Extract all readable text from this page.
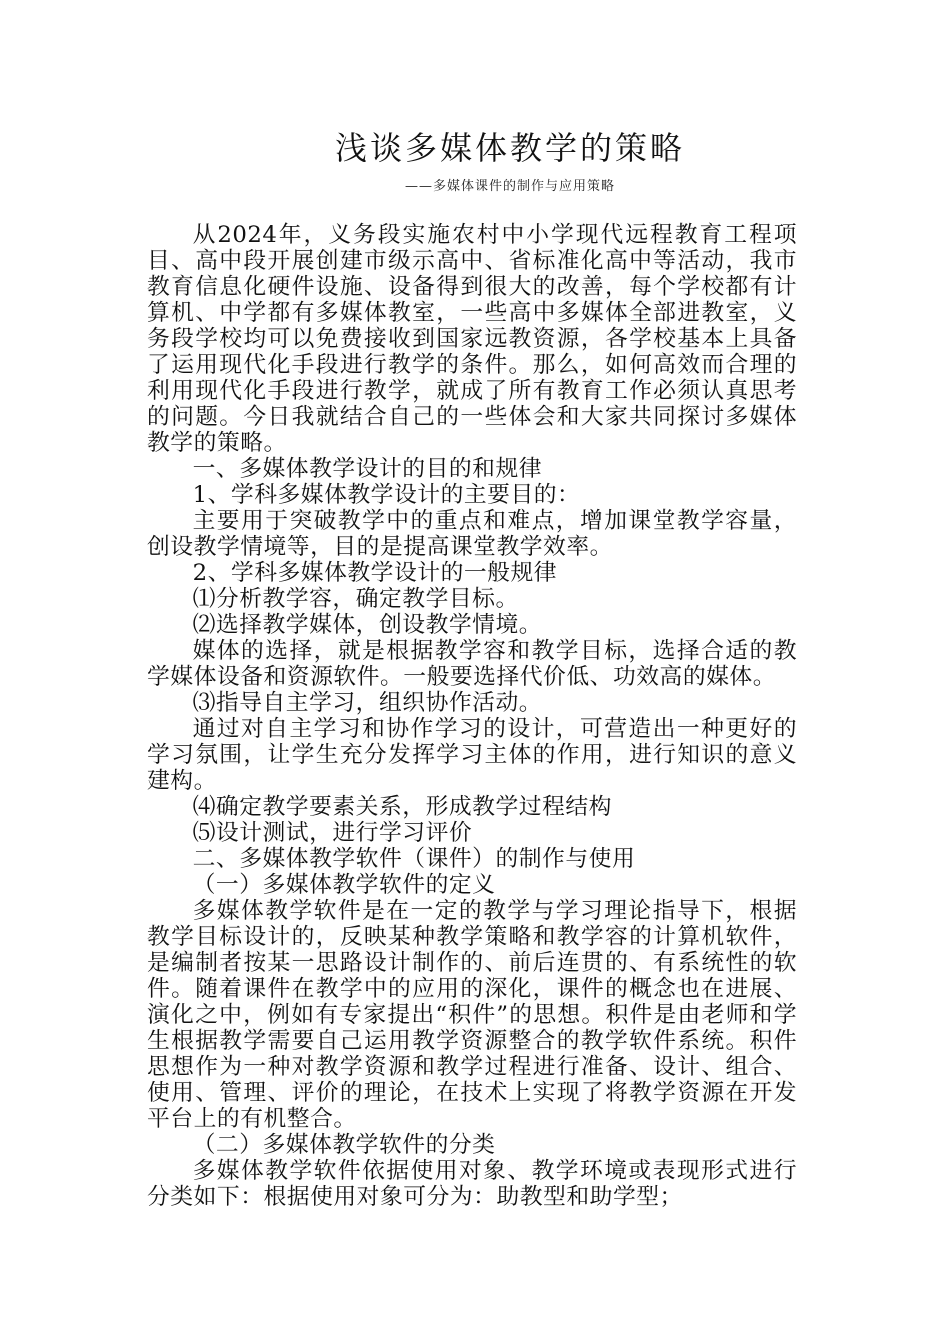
浅谈多媒体教学的策略
——多媒体课件的制作与应用策略

从2024年，义务段实施农村中小学现代远程教育工程项目、高中段开展创建市级示高中、省标准化高中等活动，我市教育信息化硬件设施、设备得到很大的改善，每个学校都有计算机、中学都有多媒体教室，一些高中多媒体全部进教室，义务段学校均可以免费接收到国家远教资源，各学校基本上具备了运用现代化手段进行教学的条件。那么，如何高效而合理的利用现代化手段进行教学，就成了所有教育工作必须认真思考的问题。今日我就结合自己的一些体会和大家共同探讨多媒体教学的策略。

一、多媒体教学设计的目的和规律

1、学科多媒体教学设计的主要目的：

主要用于突破教学中的重点和难点，增加课堂教学容量，创设教学情境等，目的是提高课堂教学效率。

2、学科多媒体教学设计的一般规律

⑴分析教学容，确定教学目标。

⑵选择教学媒体，创设教学情境。

媒体的选择，就是根据教学容和教学目标，选择合适的教学媒体设备和资源软件。一般要选择代价低、功效高的媒体。

⑶指导自主学习，组织协作活动。

通过对自主学习和协作学习的设计，可营造出一种更好的学习氛围，让学生充分发挥学习主体的作用，进行知识的意义建构。

⑷确定教学要素关系，形成教学过程结构

⑸设计测试，进行学习评价

二、多媒体教学软件（课件）的制作与使用

（一）多媒体教学软件的定义

多媒体教学软件是在一定的教学与学习理论指导下，根据教学目标设计的，反映某种教学策略和教学容的计算机软件，是编制者按某一思路设计制作的、前后连贯的、有系统性的软件。随着课件在教学中的应用的深化，课件的概念也在进展、演化之中，例如有专家提出“积件”的思想。积件是由老师和学生根据教学需要自己运用教学资源整合的教学软件系统。积件思想作为一种对教学资源和教学过程进行准备、设计、组合、使用、管理、评价的理论，在技术上实现了将教学资源在开发平台上的有机整合。

（二）多媒体教学软件的分类

多媒体教学软件依据使用对象、教学环境或表现形式进行分类如下：根据使用对象可分为：助教型和助学型；
